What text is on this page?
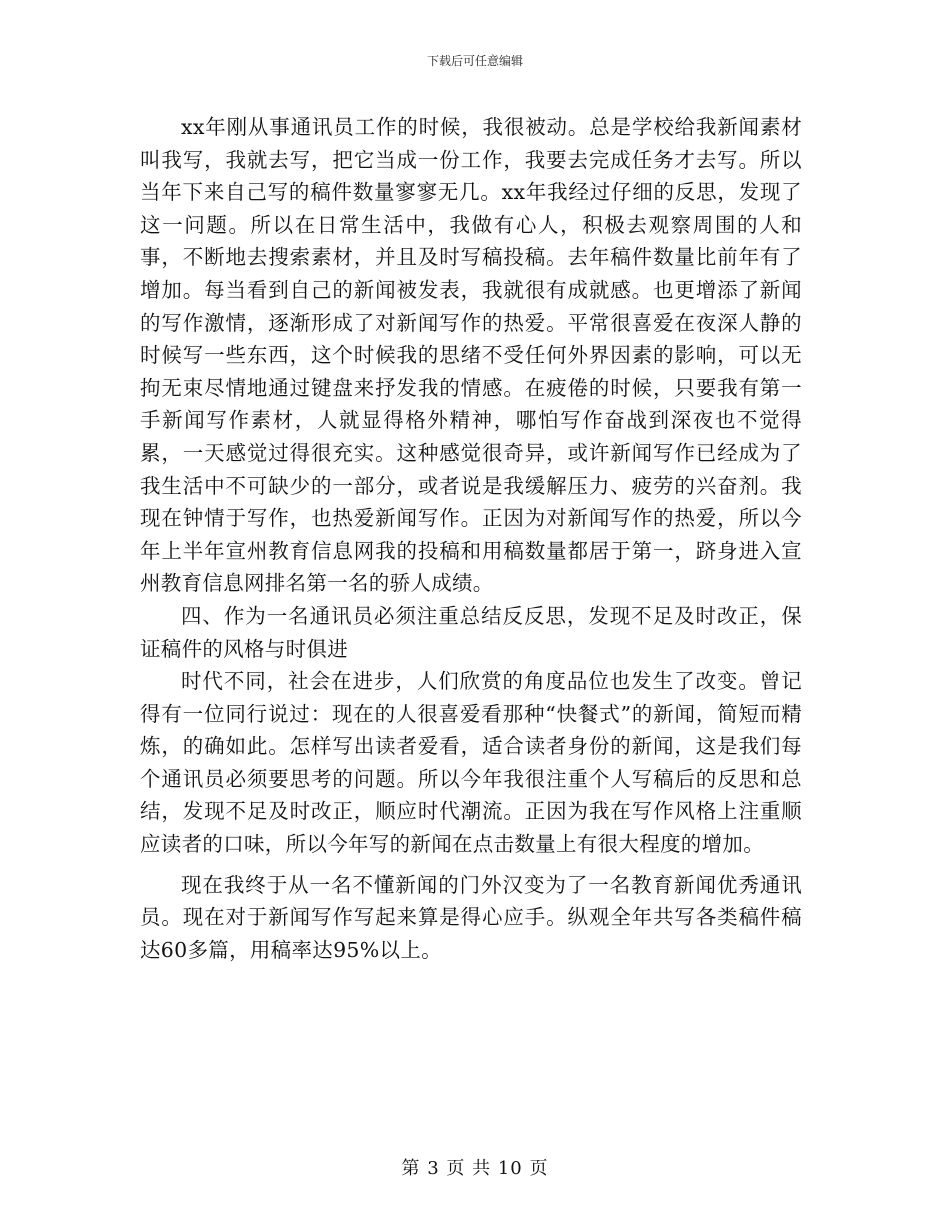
下载后可任意编辑

xx年刚从事通讯员工作的时候，我很被动。总是学校给我新闻素材叫我写，我就去写，把它当成一份工作，我要去完成任务才去写。所以当年下来自己写的稿件数量寥寥无几。xx年我经过仔细的反思，发现了这一问题。所以在日常生活中，我做有心人，积极去观察周围的人和事，不断地去搜索素材，并且及时写稿投稿。去年稿件数量比前年有了增加。每当看到自己的新闻被发表，我就很有成就感。也更增添了新闻的写作激情，逐渐形成了对新闻写作的热爱。平常很喜爱在夜深人静的时候写一些东西，这个时候我的思绪不受任何外界因素的影响，可以无拘无束尽情地通过键盘来抒发我的情感。在疲倦的时候，只要我有第一手新闻写作素材，人就显得格外精神，哪怕写作奋战到深夜也不觉得累，一天感觉过得很充实。这种感觉很奇异，或许新闻写作已经成为了我生活中不可缺少的一部分，或者说是我缓解压力、疲劳的兴奋剂。我现在钟情于写作，也热爱新闻写作。正因为对新闻写作的热爱，所以今年上半年宣州教育信息网我的投稿和用稿数量都居于第一，跻身进入宣州教育信息网排名第一名的骄人成绩。

四、作为一名通讯员必须注重总结反反思，发现不足及时改正，保证稿件的风格与时俱进

时代不同，社会在进步，人们欣赏的角度品位也发生了改变。曾记得有一位同行说过：现在的人很喜爱看那种“快餐式”的新闻，简短而精炼，的确如此。怎样写出读者爱看，适合读者身份的新闻，这是我们每个通讯员必须要思考的问题。所以今年我很注重个人写稿后的反思和总结，发现不足及时改正，顺应时代潮流。正因为我在写作风格上注重顺应读者的口味，所以今年写的新闻在点击数量上有很大程度的增加。

现在我终于从一名不懂新闻的门外汉变为了一名教育新闻优秀通讯员。现在对于新闻写作写起来算是得心应手。纵观全年共写各类稿件稿达60多篇，用稿率达95%以上。

第 3 页 共 10 页
